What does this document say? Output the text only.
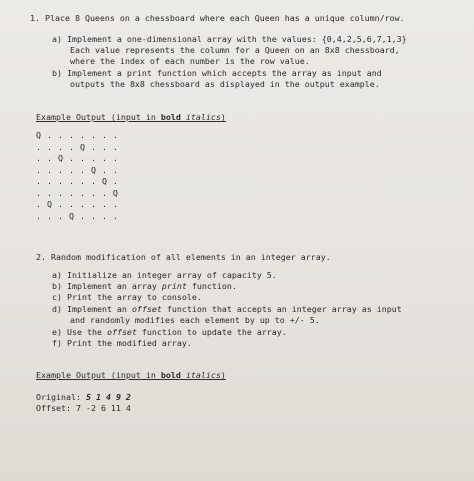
1. Place 8 Queens on a chessboard where each Queen has a unique column/row.
a) Implement a one-dimensional array with the values: {0,4,2,5,6,7,1,3}
Each value represents the column for a Queen on an 8x8 chessboard,
where the index of each number is the row value.
b) Implement a print function which accepts the array as input and
outputs the 8x8 chessboard as displayed in the output example.
Example Output (input in bold italics)
Q . . . . . . .
. . . . Q . . .
. . Q . . . . .
. . . . . Q . .
. . . . . . Q .
. . . . . . . Q
. Q . . . . . .
. . . Q . . . .
2. Random modification of all elements in an integer array.
a) Initialize an integer array of capacity 5.
b) Implement an array print function.
c) Print the array to console.
d) Implement an offset function that accepts an integer array as input
and randomly modifies each element by up to +/- 5.
e) Use the offset function to update the array.
f) Print the modified array.
Example Output (input in bold italics)
Original: 5 1 4 9 2
Offset: 7 -2 6 11 4
